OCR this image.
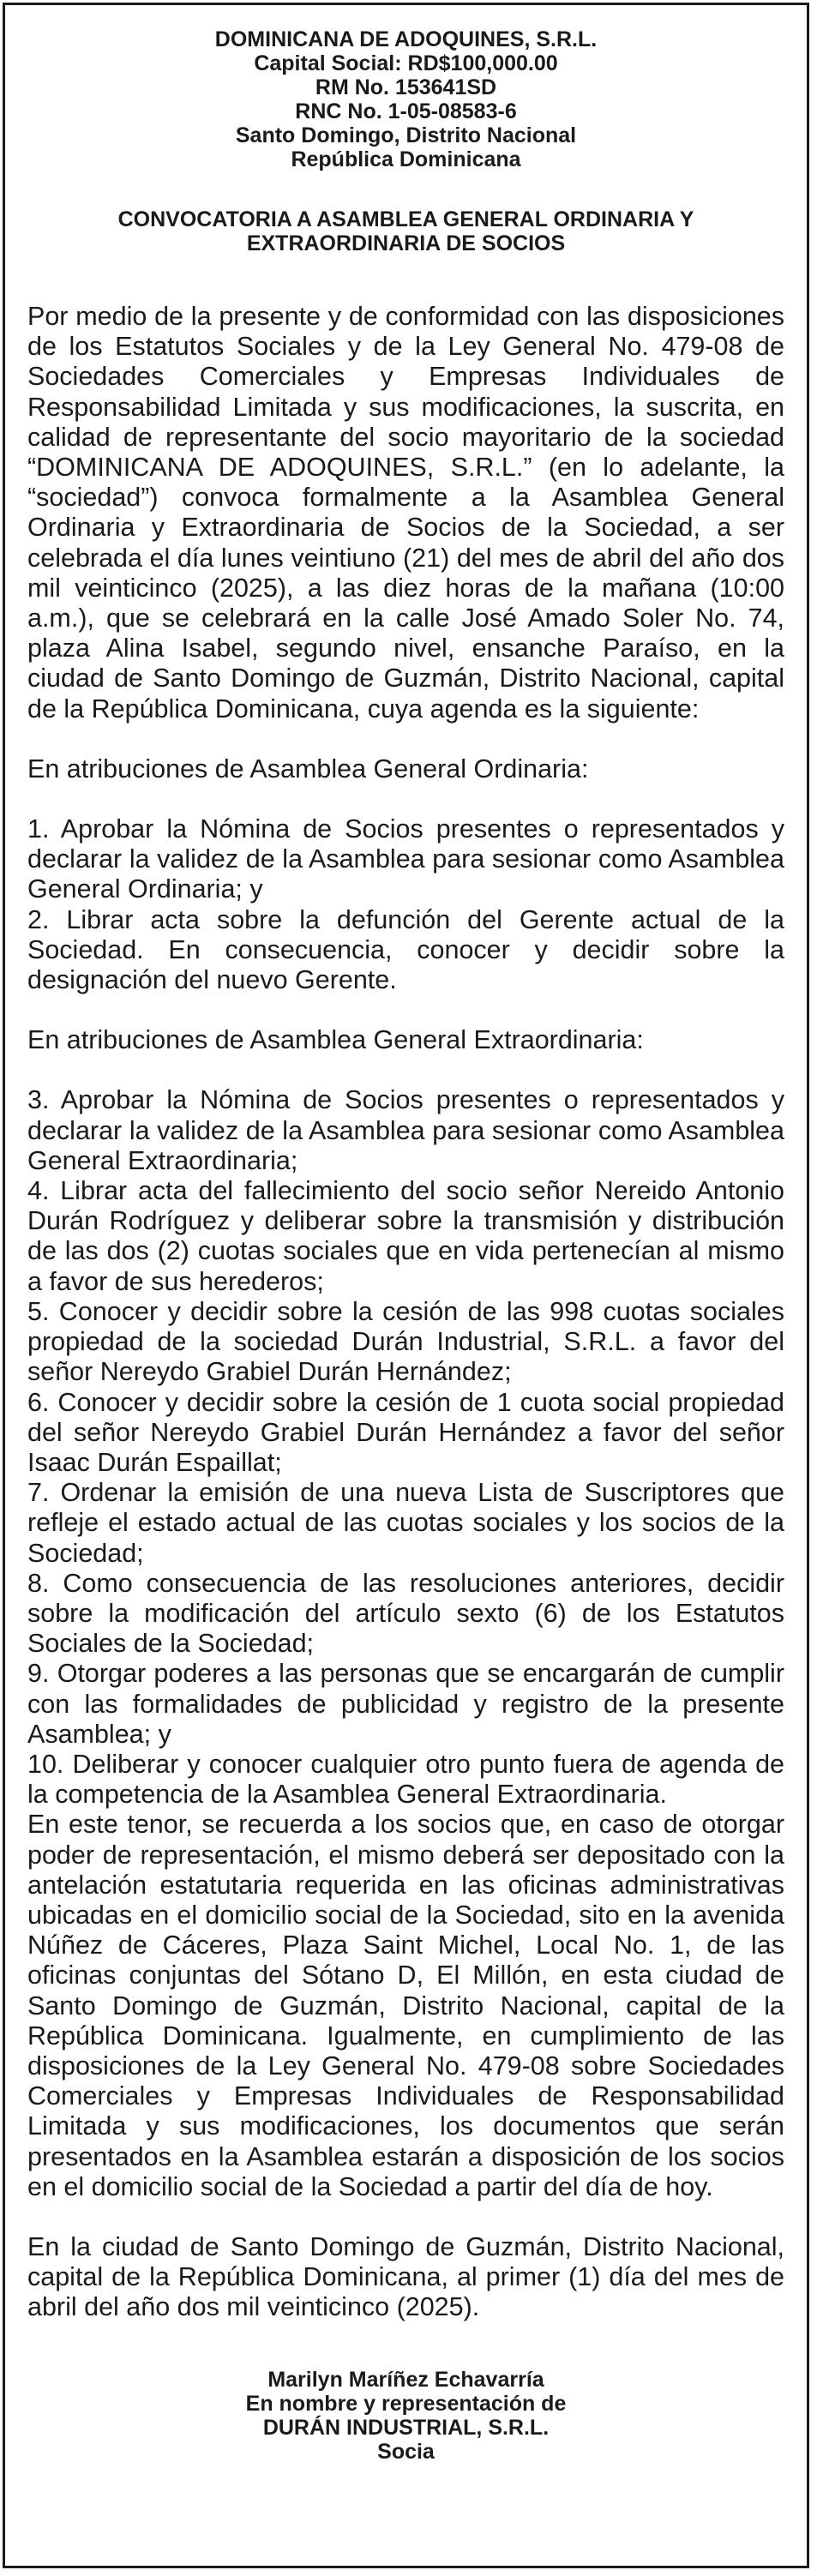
DOMINICANA DE ADOQUINES, S.R.L.
Capital Social: RD$100,000.00
RM No. 153641SD
RNC No. 1-05-08583-6
Santo Domingo, Distrito Nacional
República Dominicana
CONVOCATORIA A ASAMBLEA GENERAL ORDINARIA Y
EXTRAORDINARIA DE SOCIOS

Por medio de la presente y de conformidad con las disposiciones de los Estatutos Sociales y de la Ley General No. 479-08 de Sociedades Comerciales y Empresas Individuales de Responsabilidad Limitada y sus modificaciones, la suscrita, en calidad de representante del socio mayoritario de la sociedad “DOMINICANA DE ADOQUINES, S.R.L.” (en lo adelante, la “sociedad”) convoca formalmente a la Asamblea General Ordinaria y Extraordinaria de Socios de la Sociedad, a ser celebrada el día lunes veintiuno (21) del mes de abril del año dos mil veinticinco (2025), a las diez horas de la mañana (10:00 a.m.), que se celebrará en la calle José Amado Soler No. 74, plaza Alina Isabel, segundo nivel, ensanche Paraíso, en la ciudad de Santo Domingo de Guzmán, Distrito Nacional, capital de la República Dominicana, cuya agenda es la siguiente:

En atribuciones de Asamblea General Ordinaria:

1. Aprobar la Nómina de Socios presentes o representados y declarar la validez de la Asamblea para sesionar como Asamblea General Ordinaria; y

2. Librar acta sobre la defunción del Gerente actual de la Sociedad. En consecuencia, conocer y decidir sobre la designación del nuevo Gerente.

En atribuciones de Asamblea General Extraordinaria:

3. Aprobar la Nómina de Socios presentes o representados y declarar la validez de la Asamblea para sesionar como Asamblea General Extraordinaria;

4. Librar acta del fallecimiento del socio señor Nereido Antonio Durán Rodríguez y deliberar sobre la transmisión y distribución de las dos (2) cuotas sociales que en vida pertenecían al mismo a favor de sus herederos;

5. Conocer y decidir sobre la cesión de las 998 cuotas sociales propiedad de la sociedad Durán Industrial, S.R.L. a favor del señor Nereydo Grabiel Durán Hernández;

6. Conocer y decidir sobre la cesión de 1 cuota social propiedad del señor Nereydo Grabiel Durán Hernández a favor del señor Isaac Durán Espaillat;

7. Ordenar la emisión de una nueva Lista de Suscriptores que refleje el estado actual de las cuotas sociales y los socios de la Sociedad;

8. Como consecuencia de las resoluciones anteriores, decidir sobre la modificación del artículo sexto (6) de los Estatutos Sociales de la Sociedad;

9. Otorgar poderes a las personas que se encargarán de cumplir con las formalidades de publicidad y registro de la presente Asamblea; y

10. Deliberar y conocer cualquier otro punto fuera de agenda de la competencia de la Asamblea General Extraordinaria.

En este tenor, se recuerda a los socios que, en caso de otorgar poder de representación, el mismo deberá ser depositado con la antelación estatutaria requerida en las oficinas administrativas ubicadas en el domicilio social de la Sociedad, sito en la avenida Núñez de Cáceres, Plaza Saint Michel, Local No. 1, de las oficinas conjuntas del Sótano D, El Millón, en esta ciudad de Santo Domingo de Guzmán, Distrito Nacional, capital de la República Dominicana. Igualmente, en cumplimiento de las disposiciones de la Ley General No. 479-08 sobre Sociedades Comerciales y Empresas Individuales de Responsabilidad Limitada y sus modificaciones, los documentos que serán presentados en la Asamblea estarán a disposición de los socios en el domicilio social de la Sociedad a partir del día de hoy.

En la ciudad de Santo Domingo de Guzmán, Distrito Nacional, capital de la República Dominicana, al primer (1) día del mes de abril del año dos mil veinticinco (2025).

Marilyn Maríñez Echavarría
En nombre y representación de
DURÁN INDUSTRIAL, S.R.L.
Socia
